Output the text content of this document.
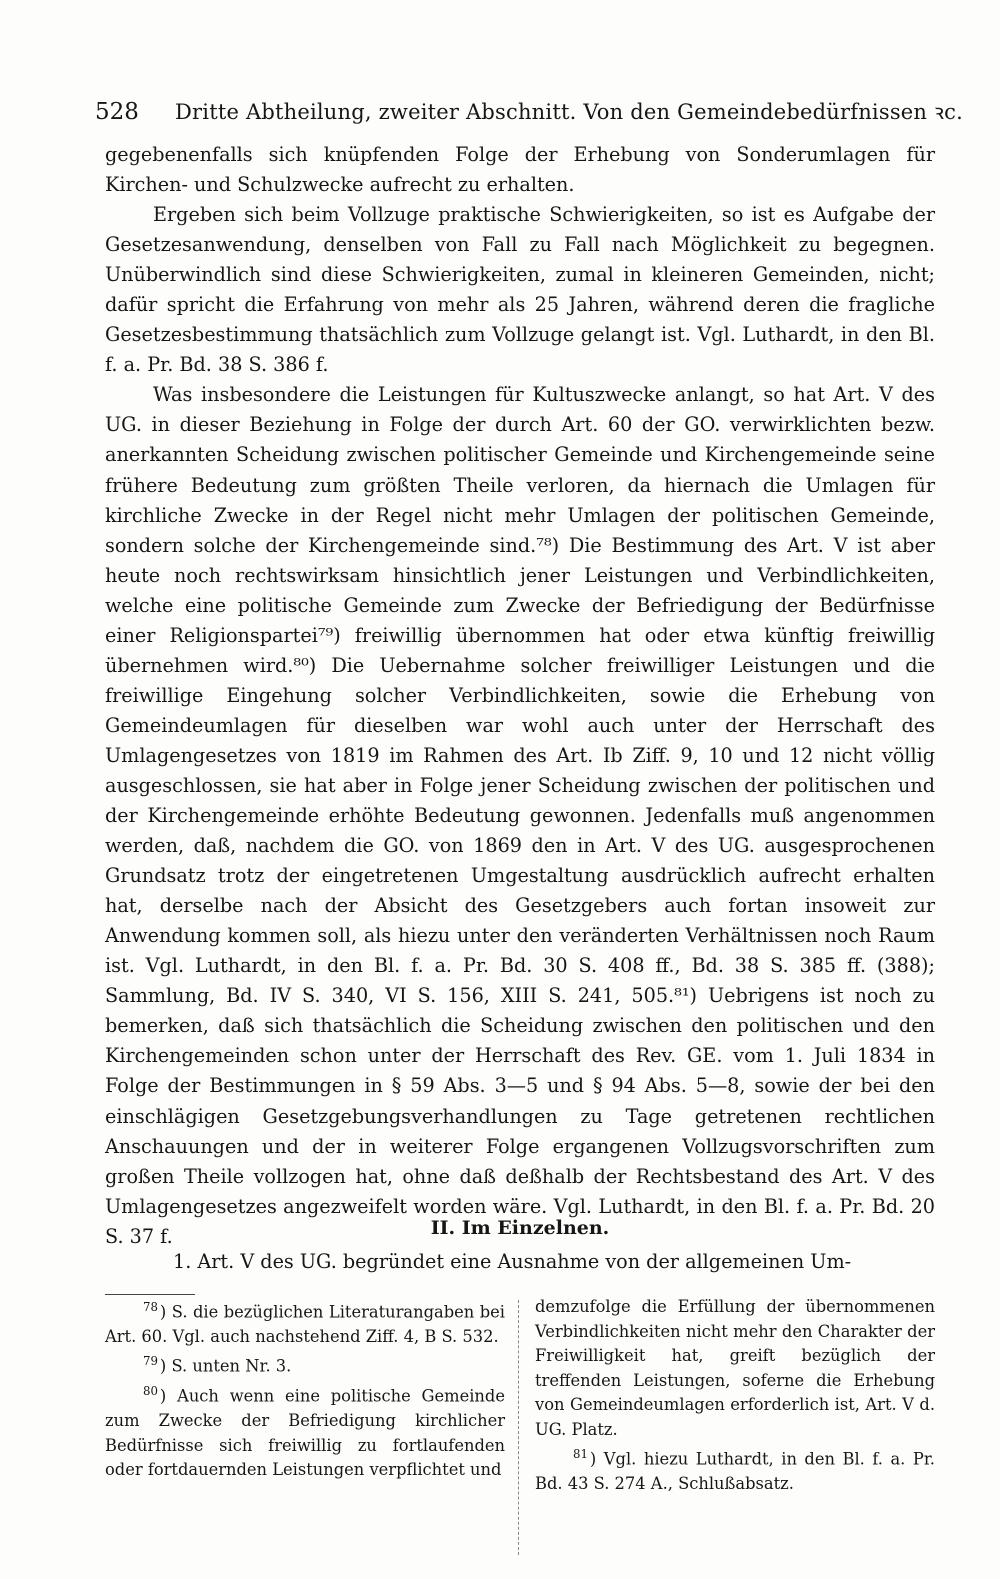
528 Dritte Abtheilung, zweiter Abschnitt. Von den Gemeindebedürfnissen ꝛc.

gegebenenfalls sich knüpfenden Folge der Erhebung von Sonderumlagen für Kirchen- und Schulzwecke aufrecht zu erhalten.

Ergeben sich beim Vollzuge praktische Schwierigkeiten, so ist es Aufgabe der Gesetzesanwendung, denselben von Fall zu Fall nach Möglichkeit zu begegnen. Unüberwindlich sind diese Schwierigkeiten, zumal in kleineren Gemeinden, nicht; dafür spricht die Erfahrung von mehr als 25 Jahren, während deren die fragliche Gesetzesbestimmung thatsächlich zum Vollzuge gelangt ist. Vgl. Luthardt, in den Bl. f. a. Pr. Bd. 38 S. 386 f.

Was insbesondere die Leistungen für Kultuszwecke anlangt, so hat Art. V des UG. in dieser Beziehung in Folge der durch Art. 60 der GO. verwirklichten bezw. anerkannten Scheidung zwischen politischer Gemeinde und Kirchengemeinde seine frühere Bedeutung zum größten Theile verloren, da hiernach die Umlagen für kirchliche Zwecke in der Regel nicht mehr Umlagen der politischen Gemeinde, sondern solche der Kirchengemeinde sind.⁷⁸) Die Bestimmung des Art. V ist aber heute noch rechtswirksam hinsichtlich jener Leistungen und Verbindlichkeiten, welche eine politische Gemeinde zum Zwecke der Befriedigung der Bedürfnisse einer Religionspartei⁷⁹) freiwillig übernommen hat oder etwa künftig freiwillig übernehmen wird.⁸⁰) Die Uebernahme solcher freiwilliger Leistungen und die freiwillige Eingehung solcher Verbindlichkeiten, sowie die Erhebung von Gemeindeumlagen für dieselben war wohl auch unter der Herrschaft des Umlagengesetzes von 1819 im Rahmen des Art. Ib Ziff. 9, 10 und 12 nicht völlig ausgeschlossen, sie hat aber in Folge jener Scheidung zwischen der politischen und der Kirchengemeinde erhöhte Bedeutung gewonnen. Jedenfalls muß angenommen werden, daß, nachdem die GO. von 1869 den in Art. V des UG. ausgesprochenen Grundsatz trotz der eingetretenen Umgestaltung ausdrücklich aufrecht erhalten hat, derselbe nach der Absicht des Gesetzgebers auch fortan insoweit zur Anwendung kommen soll, als hiezu unter den veränderten Verhältnissen noch Raum ist. Vgl. Luthardt, in den Bl. f. a. Pr. Bd. 30 S. 408 ff., Bd. 38 S. 385 ff. (388); Sammlung, Bd. IV S. 340, VI S. 156, XIII S. 241, 505.⁸¹) Uebrigens ist noch zu bemerken, daß sich thatsächlich die Scheidung zwischen den politischen und den Kirchengemeinden schon unter der Herrschaft des Rev. GE. vom 1. Juli 1834 in Folge der Bestimmungen in § 59 Abs. 3—5 und § 94 Abs. 5—8, sowie der bei den einschlägigen Gesetzgebungsverhandlungen zu Tage getretenen rechtlichen Anschauungen und der in weiterer Folge ergangenen Vollzugsvorschriften zum großen Theile vollzogen hat, ohne daß deßhalb der Rechtsbestand des Art. V des Umlagengesetzes angezweifelt worden wäre. Vgl. Luthardt, in den Bl. f. a. Pr. Bd. 20 S. 37 f.	II. Im Einzelnen.
1. Art. V des UG. begründet eine Ausnahme von der allgemeinen Um-

$^{78}$ ) S. die bezüglichen Literaturangaben bei Art. 60. Vgl. auch nachstehend Ziff. 4, B S. 532.

$^{79}$ ) S. unten Nr. 3.

$^{80}$ ) Auch wenn eine politische Gemeinde zum Zwecke der Befriedigung kirchlicher Bedürfnisse sich freiwillig zu fortlaufenden oder fortdauernden Leistungen verpflichtet und

demzufolge die Erfüllung der übernommenen Verbindlichkeiten nicht mehr den Charakter der Freiwilligkeit hat, greift bezüglich der treffenden Leistungen, soferne die Erhebung von Gemeindeumlagen erforderlich ist, Art. V d. UG. Platz.

$^{81}$ ) Vgl. hiezu Luthardt, in den Bl. f. a. Pr. Bd. 43 S. 274 A., Schlußabsatz.
